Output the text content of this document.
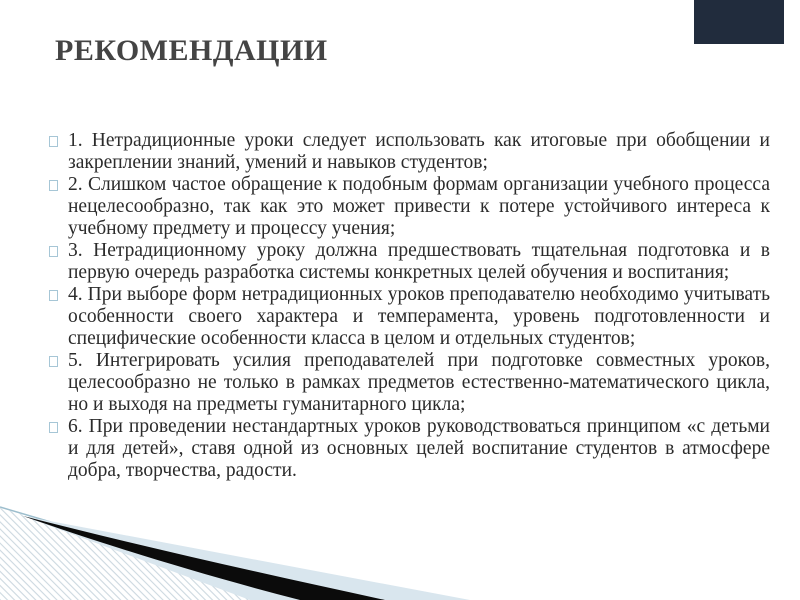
РЕКОМЕНДАЦИИ
1. Нетрадиционные уроки следует использовать как итоговые при обобщении и закреплении знаний, умений и навыков студентов;
2. Слишком частое обращение к подобным формам организации учебного процесса нецелесообразно, так как это может привести к потере устойчивого интереса к учебному предмету и процессу учения;
3. Нетрадиционному уроку должна предшествовать тщательная подготовка и в первую очередь разработка системы конкретных целей обучения и воспитания;
4. При выборе форм нетрадиционных уроков преподавателю необходимо учитывать особенности своего характера и темперамента, уровень подготовленности и специфические особенности класса в целом и отдельных студентов;
5. Интегрировать усилия преподавателей при подготовке совместных уроков, целесообразно не только в рамках предметов естественно-математического цикла, но и выходя на предметы гуманитарного цикла;
6. При проведении нестандартных уроков руководствоваться принципом «с детьми и для детей», ставя одной из основных целей воспитание студентов в атмосфере добра, творчества, радости.
